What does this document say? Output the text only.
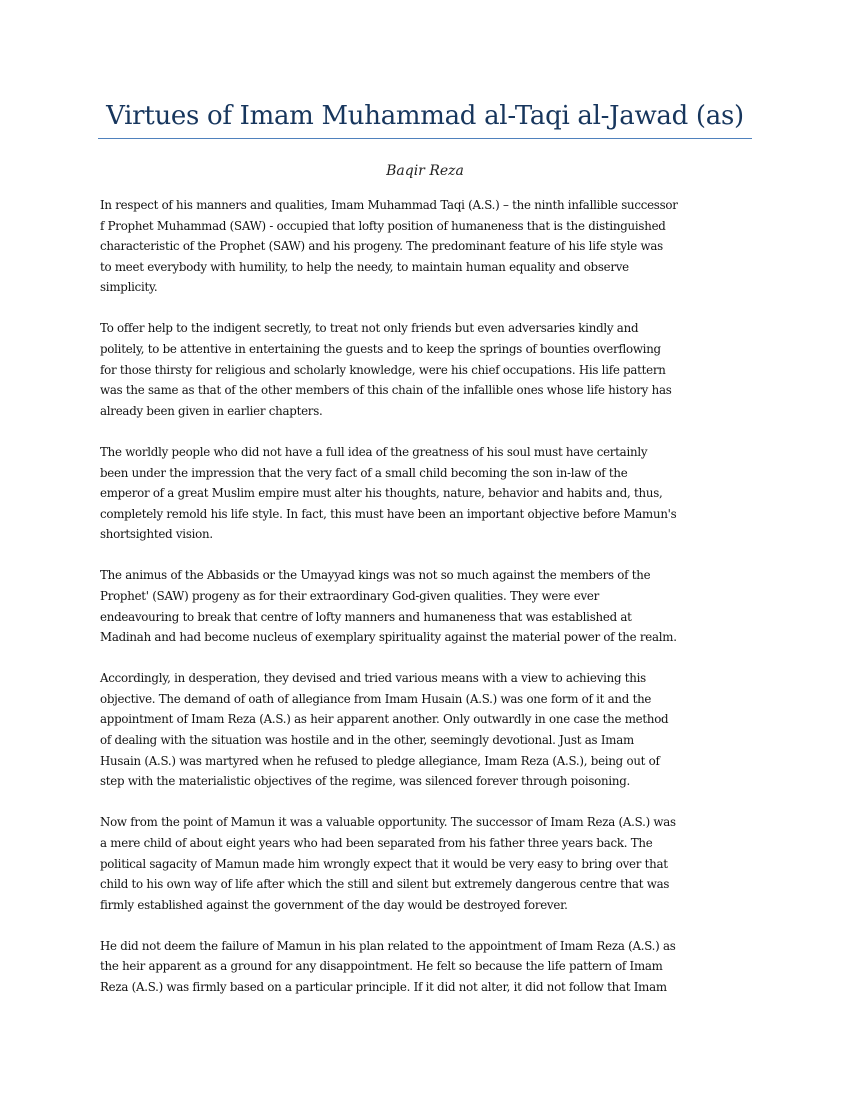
Virtues of Imam Muhammad al-Taqi al-Jawad (as)

Baqir Reza

In respect of his manners and qualities, Imam Muhammad Taqi (A.S.) – the ninth infallible successor
f Prophet Muhammad (SAW) - occupied that lofty position of humaneness that is the distinguished
characteristic of the Prophet (SAW) and his progeny. The predominant feature of his life style was
to meet everybody with humility, to help the needy, to maintain human equality and observe
simplicity.

To offer help to the indigent secretly, to treat not only friends but even adversaries kindly and
politely, to be attentive in entertaining the guests and to keep the springs of bounties overflowing
for those thirsty for religious and scholarly knowledge, were his chief occupations. His life pattern
was the same as that of the other members of this chain of the infallible ones whose life history has
already been given in earlier chapters.

The worldly people who did not have a full idea of the greatness of his soul must have certainly
been under the impression that the very fact of a small child becoming the son in-law of the
emperor of a great Muslim empire must alter his thoughts, nature, behavior and habits and, thus,
completely remold his life style. In fact, this must have been an important objective before Mamun's
shortsighted vision.

The animus of the Abbasids or the Umayyad kings was not so much against the members of the
Prophet' (SAW) progeny as for their extraordinary God-given qualities. They were ever
endeavouring to break that centre of lofty manners and humaneness that was established at
Madinah and had become nucleus of exemplary spirituality against the material power of the realm.

Accordingly, in desperation, they devised and tried various means with a view to achieving this
objective. The demand of oath of allegiance from Imam Husain (A.S.) was one form of it and the
appointment of Imam Reza (A.S.) as heir apparent another. Only outwardly in one case the method
of dealing with the situation was hostile and in the other, seemingly devotional. Just as Imam
Husain (A.S.) was martyred when he refused to pledge allegiance, Imam Reza (A.S.), being out of
step with the materialistic objectives of the regime, was silenced forever through poisoning.

Now from the point of Mamun it was a valuable opportunity. The successor of Imam Reza (A.S.) was
a mere child of about eight years who had been separated from his father three years back. The
political sagacity of Mamun made him wrongly expect that it would be very easy to bring over that
child to his own way of life after which the still and silent but extremely dangerous centre that was
firmly established against the government of the day would be destroyed forever.

He did not deem the failure of Mamun in his plan related to the appointment of Imam Reza (A.S.) as
the heir apparent as a ground for any disappointment. He felt so because the life pattern of Imam
Reza (A.S.) was firmly based on a particular principle. If it did not alter, it did not follow that Imam
